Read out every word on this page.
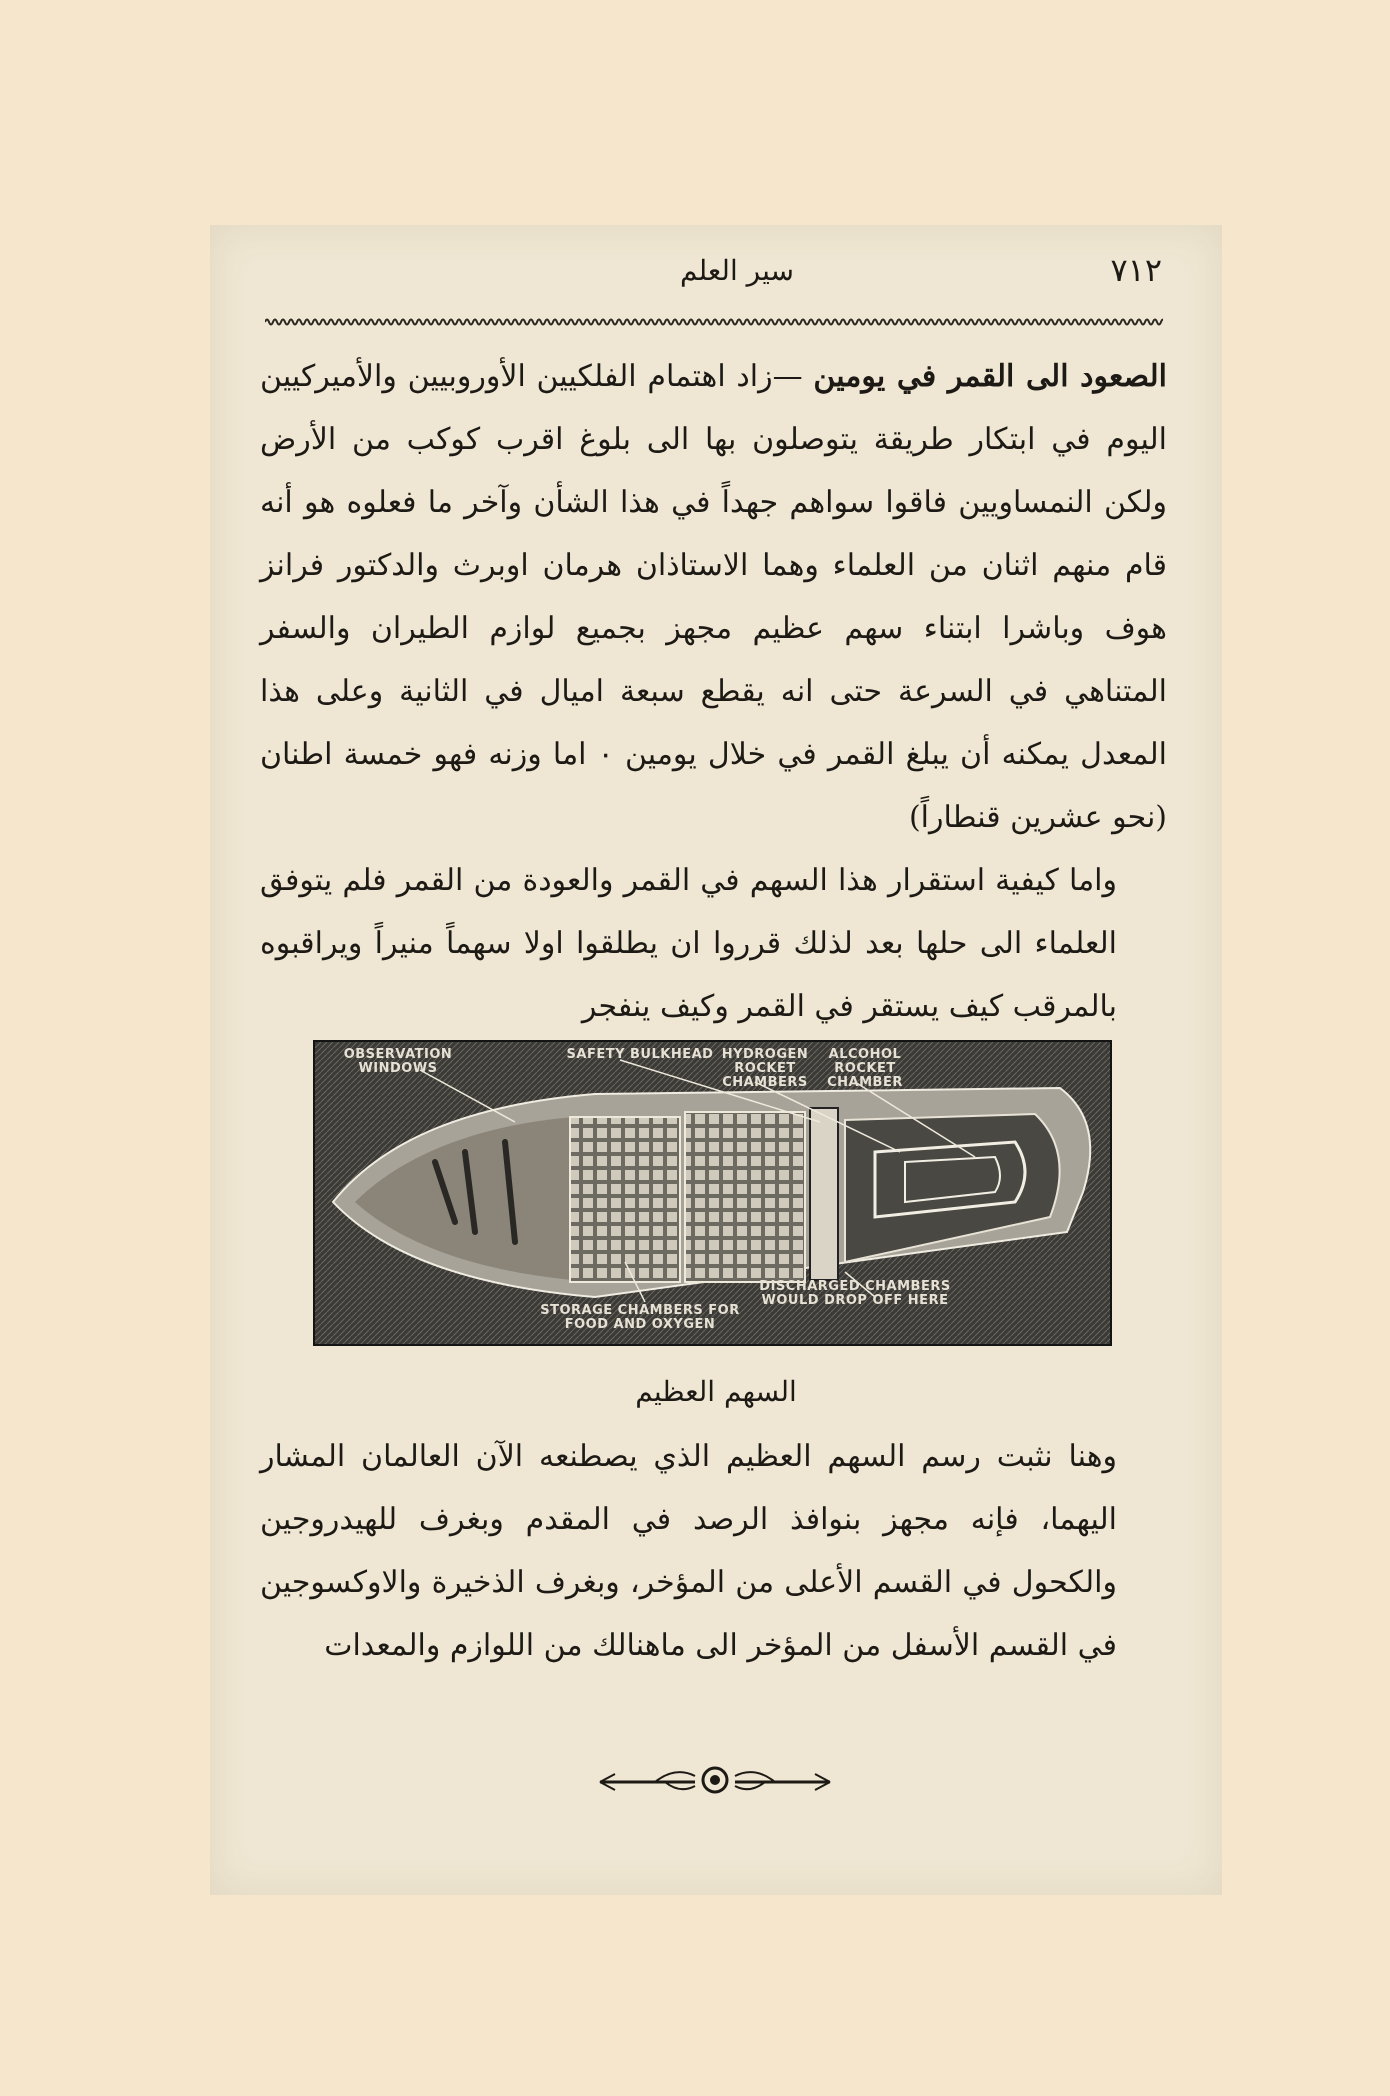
سير العلم	٧١٢

الصعود الى القمر في يومين —زاد اهتمام الفلكيين الأوروبيين والأميركيين اليوم في ابتكار طريقة يتوصلون بها الى بلوغ اقرب كوكب من الأرض ولكن النمساويين فاقوا سواهم جهداً في هذا الشأن وآخر ما فعلوه هو أنه قام منهم اثنان من العلماء وهما الاستاذان هرمان اوبرث والدكتور فرانز هوف وباشرا ابتناء سهم عظيم مجهز بجميع لوازم الطيران والسفر المتناهي في السرعة حتى انه يقطع سبعة اميال في الثانية وعلى هذا المعدل يمكنه أن يبلغ القمر في خلال يومين ٠ اما وزنه فهو خمسة اطنان (نحو عشرين قنطاراً)

واما كيفية استقرار هذا السهم في القمر والعودة من القمر فلم يتوفق العلماء الى حلها بعد لذلك قرروا ان يطلقوا اولا سهماً منيراً ويراقبوه بالمرقب كيف يستقر في القمر وكيف ينفجر

OBSERVATION WINDOWS
SAFETY BULKHEAD HYDROGEN ROCKET CHAMBERS
ALCOHOL ROCKET CHAMBER
STORAGE CHAMBERS FOR FOOD AND OXYGEN
DISCHARGED CHAMBERS WOULD DROP OFF HERE
السهم العظيم

وهنا نثبت رسم السهم العظيم الذي يصطنعه الآن العالمان المشار اليهما، فإنه مجهز بنوافذ الرصد في المقدم وبغرف للهيدروجين والكحول في القسم الأعلى من المؤخر، وبغرف الذخيرة والاوكسوجين في القسم الأسفل من المؤخر الى ماهنالك من اللوازم والمعدات
